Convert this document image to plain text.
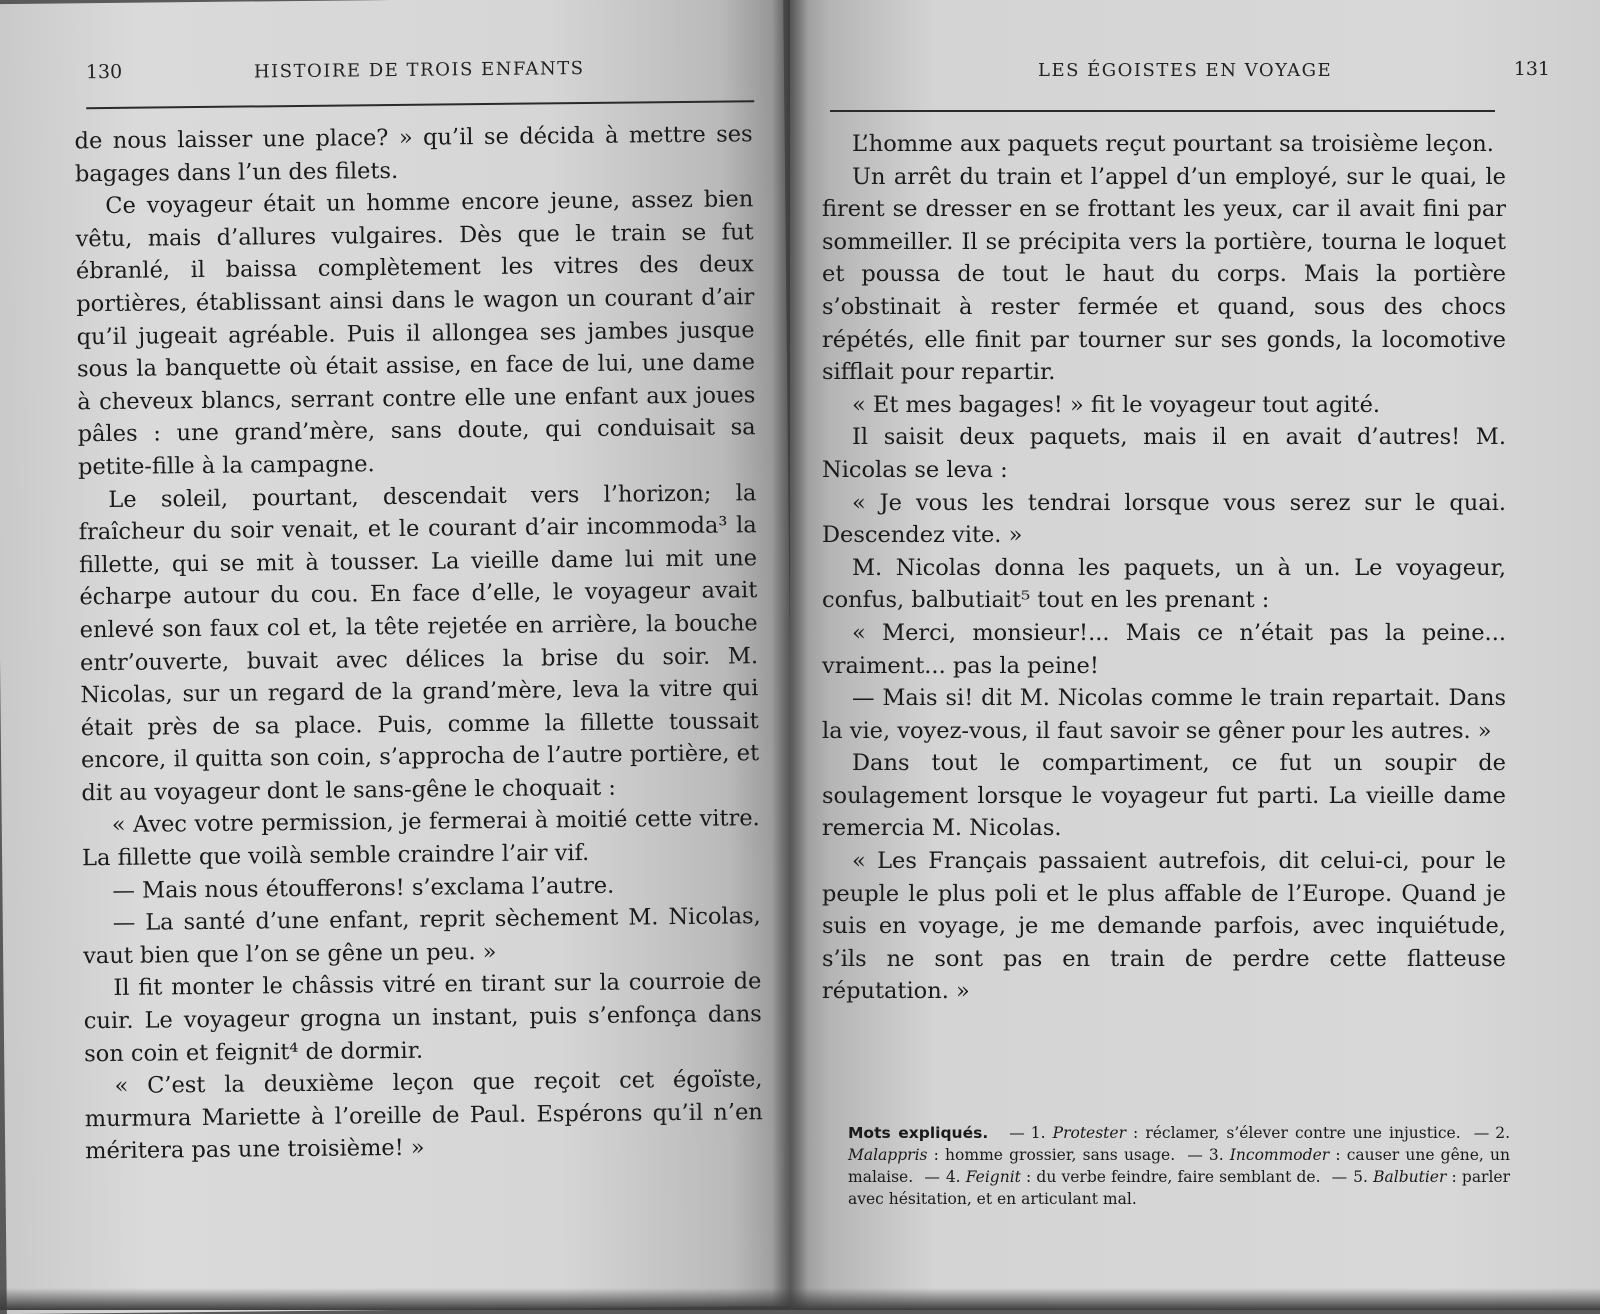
130	HISTOIRE DE TROIS ENFANTS

de nous laisser une place? » qu’il se décida à mettre ses bagages dans l’un des filets.

Ce voyageur était un homme encore jeune, assez bien vêtu, mais d’allures vulgaires. Dès que le train se fut ébranlé, il baissa complètement les vitres des deux portières, établissant ainsi dans le wagon un courant d’air qu’il jugeait agréable. Puis il allongea ses jambes jusque sous la banquette où était assise, en face de lui, une dame à cheveux blancs, serrant contre elle une enfant aux joues pâles : une grand’mère, sans doute, qui conduisait sa petite-fille à la campagne.

Le soleil, pourtant, descendait vers l’horizon; la fraîcheur du soir venait, et le courant d’air incommoda³ la fillette, qui se mit à tousser. La vieille dame lui mit une écharpe autour du cou. En face d’elle, le voyageur avait enlevé son faux col et, la tête rejetée en arrière, la bouche entr’ouverte, buvait avec délices la brise du soir. M. Nicolas, sur un regard de la grand’mère, leva la vitre qui était près de sa place. Puis, comme la fillette toussait encore, il quitta son coin, s’approcha de l’autre portière, et dit au voyageur dont le sans-gêne le choquait :

« Avec votre permission, je fermerai à moitié cette vitre. La fillette que voilà semble craindre l’air vif.

— Mais nous étoufferons! s’exclama l’autre.

— La santé d’une enfant, reprit sèchement M. Nicolas, vaut bien que l’on se gêne un peu. »

Il fit monter le châssis vitré en tirant sur la courroie de cuir. Le voyageur grogna un instant, puis s’enfonça dans son coin et feignit⁴ de dormir.

« C’est la deuxième leçon que reçoit cet égoïste, murmura Mariette à l’oreille de Paul. Espérons qu’il n’en méritera pas une troisième! »

LES ÉGOISTES EN VOYAGE	131

L’homme aux paquets reçut pourtant sa troisième leçon.

Un arrêt du train et l’appel d’un employé, sur le quai, le firent se dresser en se frottant les yeux, car il avait fini par sommeiller. Il se précipita vers la portière, tourna le loquet et poussa de tout le haut du corps. Mais la portière s’obstinait à rester fermée et quand, sous des chocs répétés, elle finit par tourner sur ses gonds, la locomotive sifflait pour repartir.

« Et mes bagages! » fit le voyageur tout agité.

Il saisit deux paquets, mais il en avait d’autres! M. Nicolas se leva :

« Je vous les tendrai lorsque vous serez sur le quai. Descendez vite. »

M. Nicolas donna les paquets, un à un. Le voyageur, confus, balbutiait⁵ tout en les prenant :

« Merci, monsieur!... Mais ce n’était pas la peine... vraiment... pas la peine!

— Mais si! dit M. Nicolas comme le train repartait. Dans la vie, voyez-vous, il faut savoir se gêner pour les autres. »

Dans tout le compartiment, ce fut un soupir de soulagement lorsque le voyageur fut parti. La vieille dame remercia M. Nicolas.

« Les Français passaient autrefois, dit celui-ci, pour le peuple le plus poli et le plus affable de l’Europe. Quand je suis en voyage, je me demande parfois, avec inquiétude, s’ils ne sont pas en train de perdre cette flatteuse réputation. »

Mots expliqués. — 1. Protester : réclamer, s’élever contre une injustice. — 2. Malappris : homme grossier, sans usage. — 3. Incommoder : causer une gêne, un malaise. — 4. Feignit : du verbe feindre, faire semblant de. — 5. Balbutier : parler avec hésitation, et en articulant mal.
